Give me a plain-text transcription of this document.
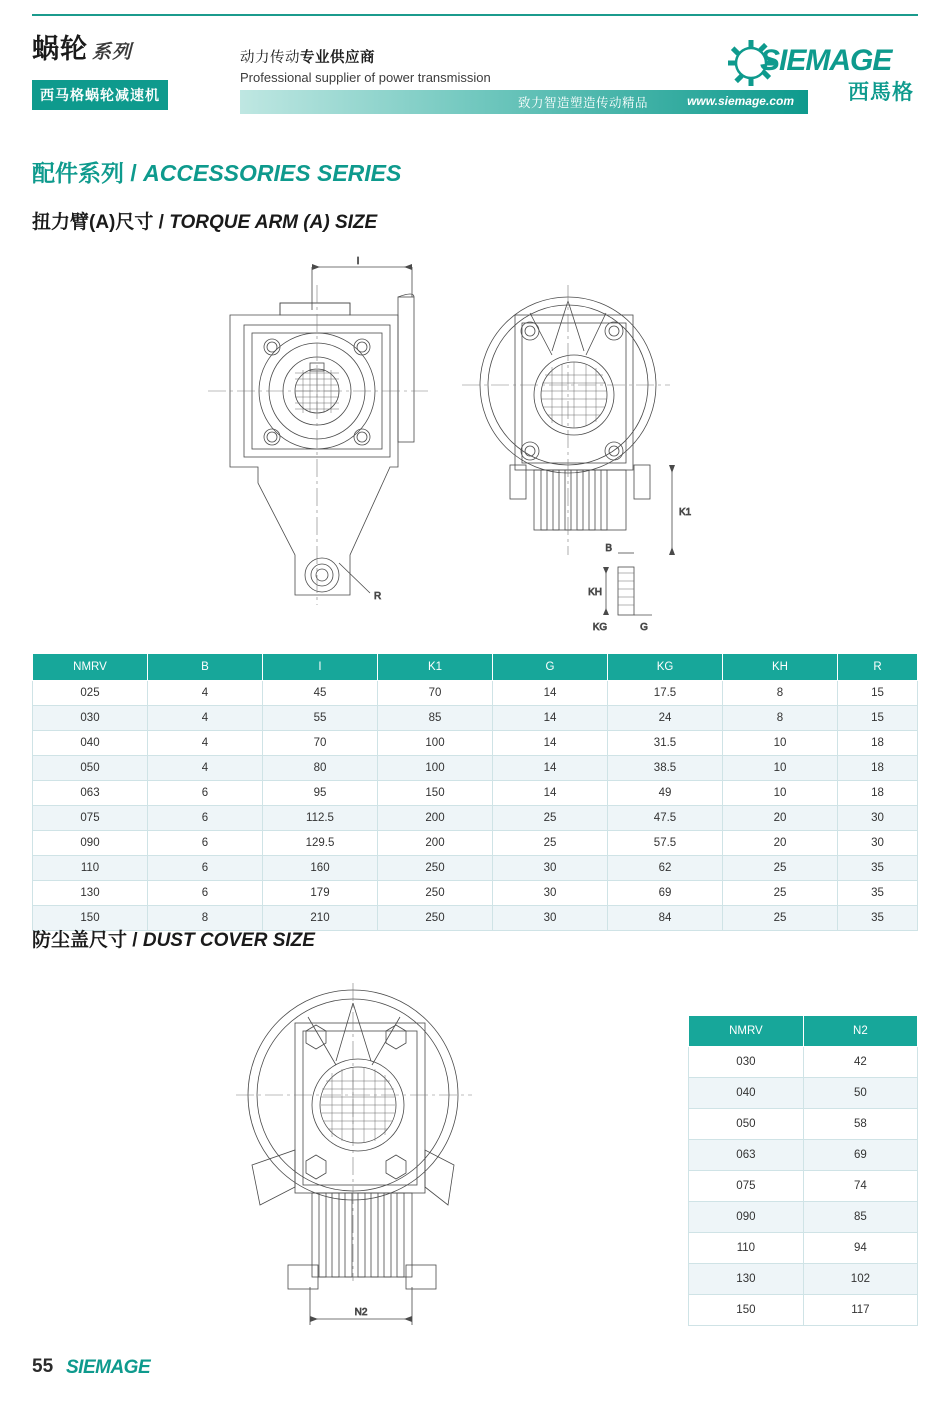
蜗轮 系列
西马格蜗轮减速机
动力传动专业供应商
Professional supplier of power transmission
致力智造塑造传动精品	www.siemage.com
SIEMAGE
西馬格
配件系列 / ACCESSORIES SERIES
扭力臂(A)尺寸 / TORQUE ARM (A) SIZE
I
R
K1
B
KH
KG	G
NMRV	B	I	K1	G	KG	KH	R
025	4	45	70	14	17.5	8	15
030	4	55	85	14	24	8	15
040	4	70	100	14	31.5	10	18
050	4	80	100	14	38.5	10	18
063	6	95	150	14	49	10	18
075	6	112.5	200	25	47.5	20	30
090	6	129.5	200	25	57.5	20	30
110	6	160	250	30	62	25	35
130	6	179	250	30	69	25	35
150	8	210	250	30	84	25	35
防尘盖尺寸 / DUST COVER SIZE
N2
NMRV	N2
030	42
040	50
050	58
063	69
075	74
090	85
110	94
130	102
150	117
55 SIEMAGE
